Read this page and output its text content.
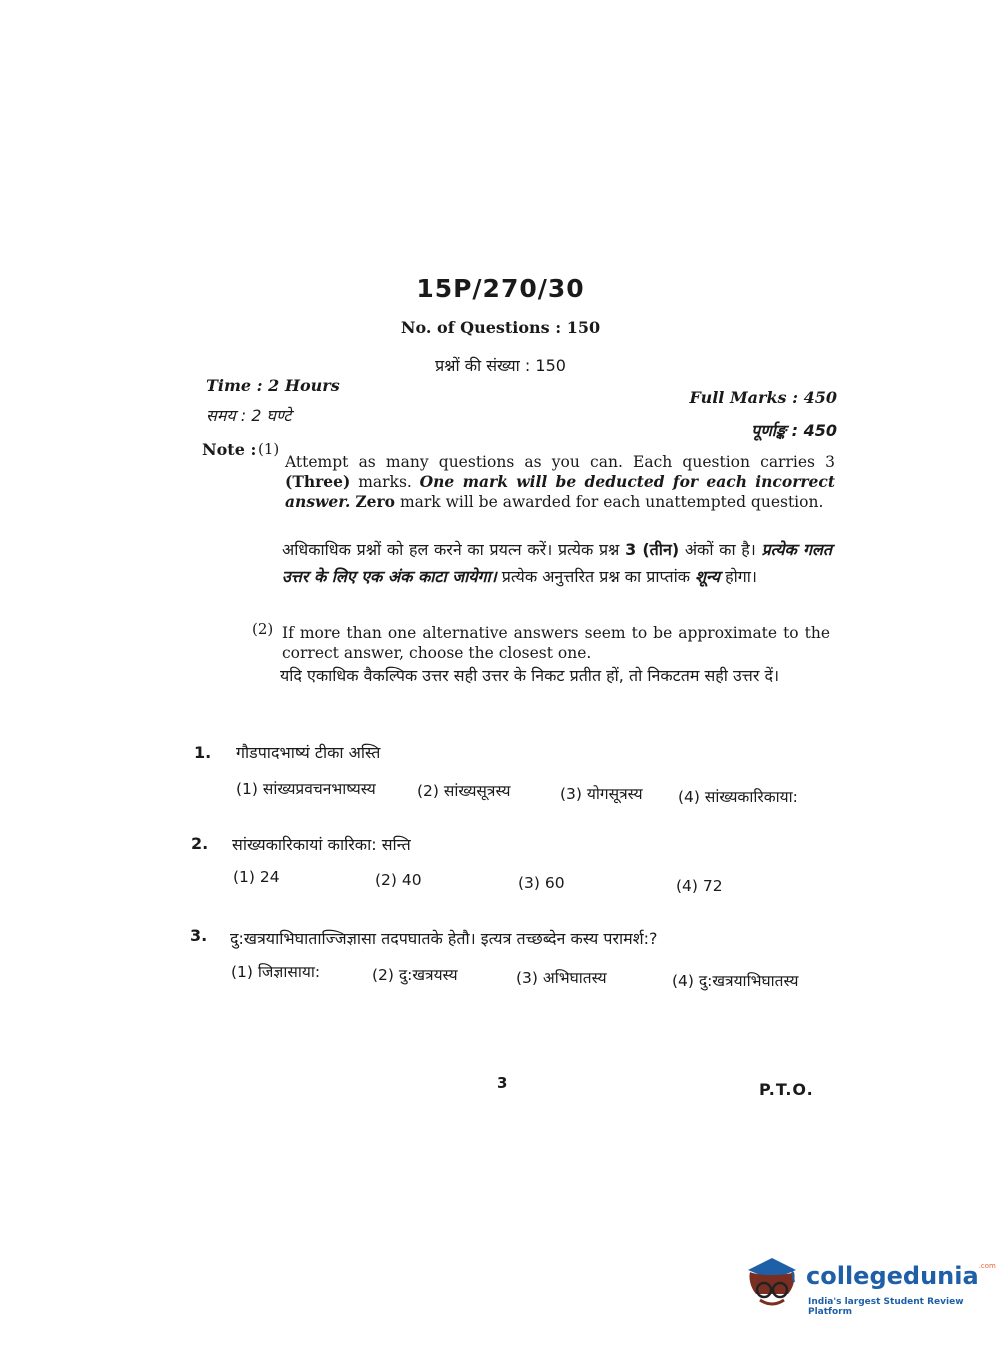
15P/270/30
No. of Questions : 150
प्रश्नों की संख्या : 150
Time : 2 Hours
समय : 2 घण्टे
Full Marks : 450
पूर्णाङ्क : 450
Note : (1)
Attempt as many questions as you can. Each question carries 3 (Three) marks. One mark will be deducted for each incorrect answer. Zero mark will be awarded for each unattempted question.
अधिकाधिक प्रश्नों को हल करने का प्रयत्न करें। प्रत्येक प्रश्न 3 (तीन) अंकों का है। प्रत्येक गलत उत्तर के लिए एक अंक काटा जायेगा। प्रत्येक अनुत्तरित प्रश्न का प्राप्तांक शून्य होगा।
(2) If more than one alternative answers seem to be approximate to the correct answer, choose the closest one.
यदि एकाधिक वैकल्पिक उत्तर सही उत्तर के निकट प्रतीत हों, तो निकटतम सही उत्तर दें।
1. गौडपादभाष्यं टीका अस्ति
(1) सांख्यप्रवचनभाष्यस्य	(2) सांख्यसूत्रस्य	(3) योगसूत्रस्य (4) सांख्यकारिकाया:
2. सांख्यकारिकायां कारिका: सन्ति
(1) 24	(2) 40	(3) 60	(4) 72
3. दु:खत्रयाभिघाताज्जिज्ञासा तदपघातके हेतौ। इत्यत्र तच्छब्देन कस्य परामर्श:?
(1) जिज्ञासाया:	(2) दु:खत्रयस्य	(3) अभिघातस्य	(4) दु:खत्रयाभिघातस्य
3	P.T.O.
collegedunia$^{.com}$
India's largest Student Review Platform
